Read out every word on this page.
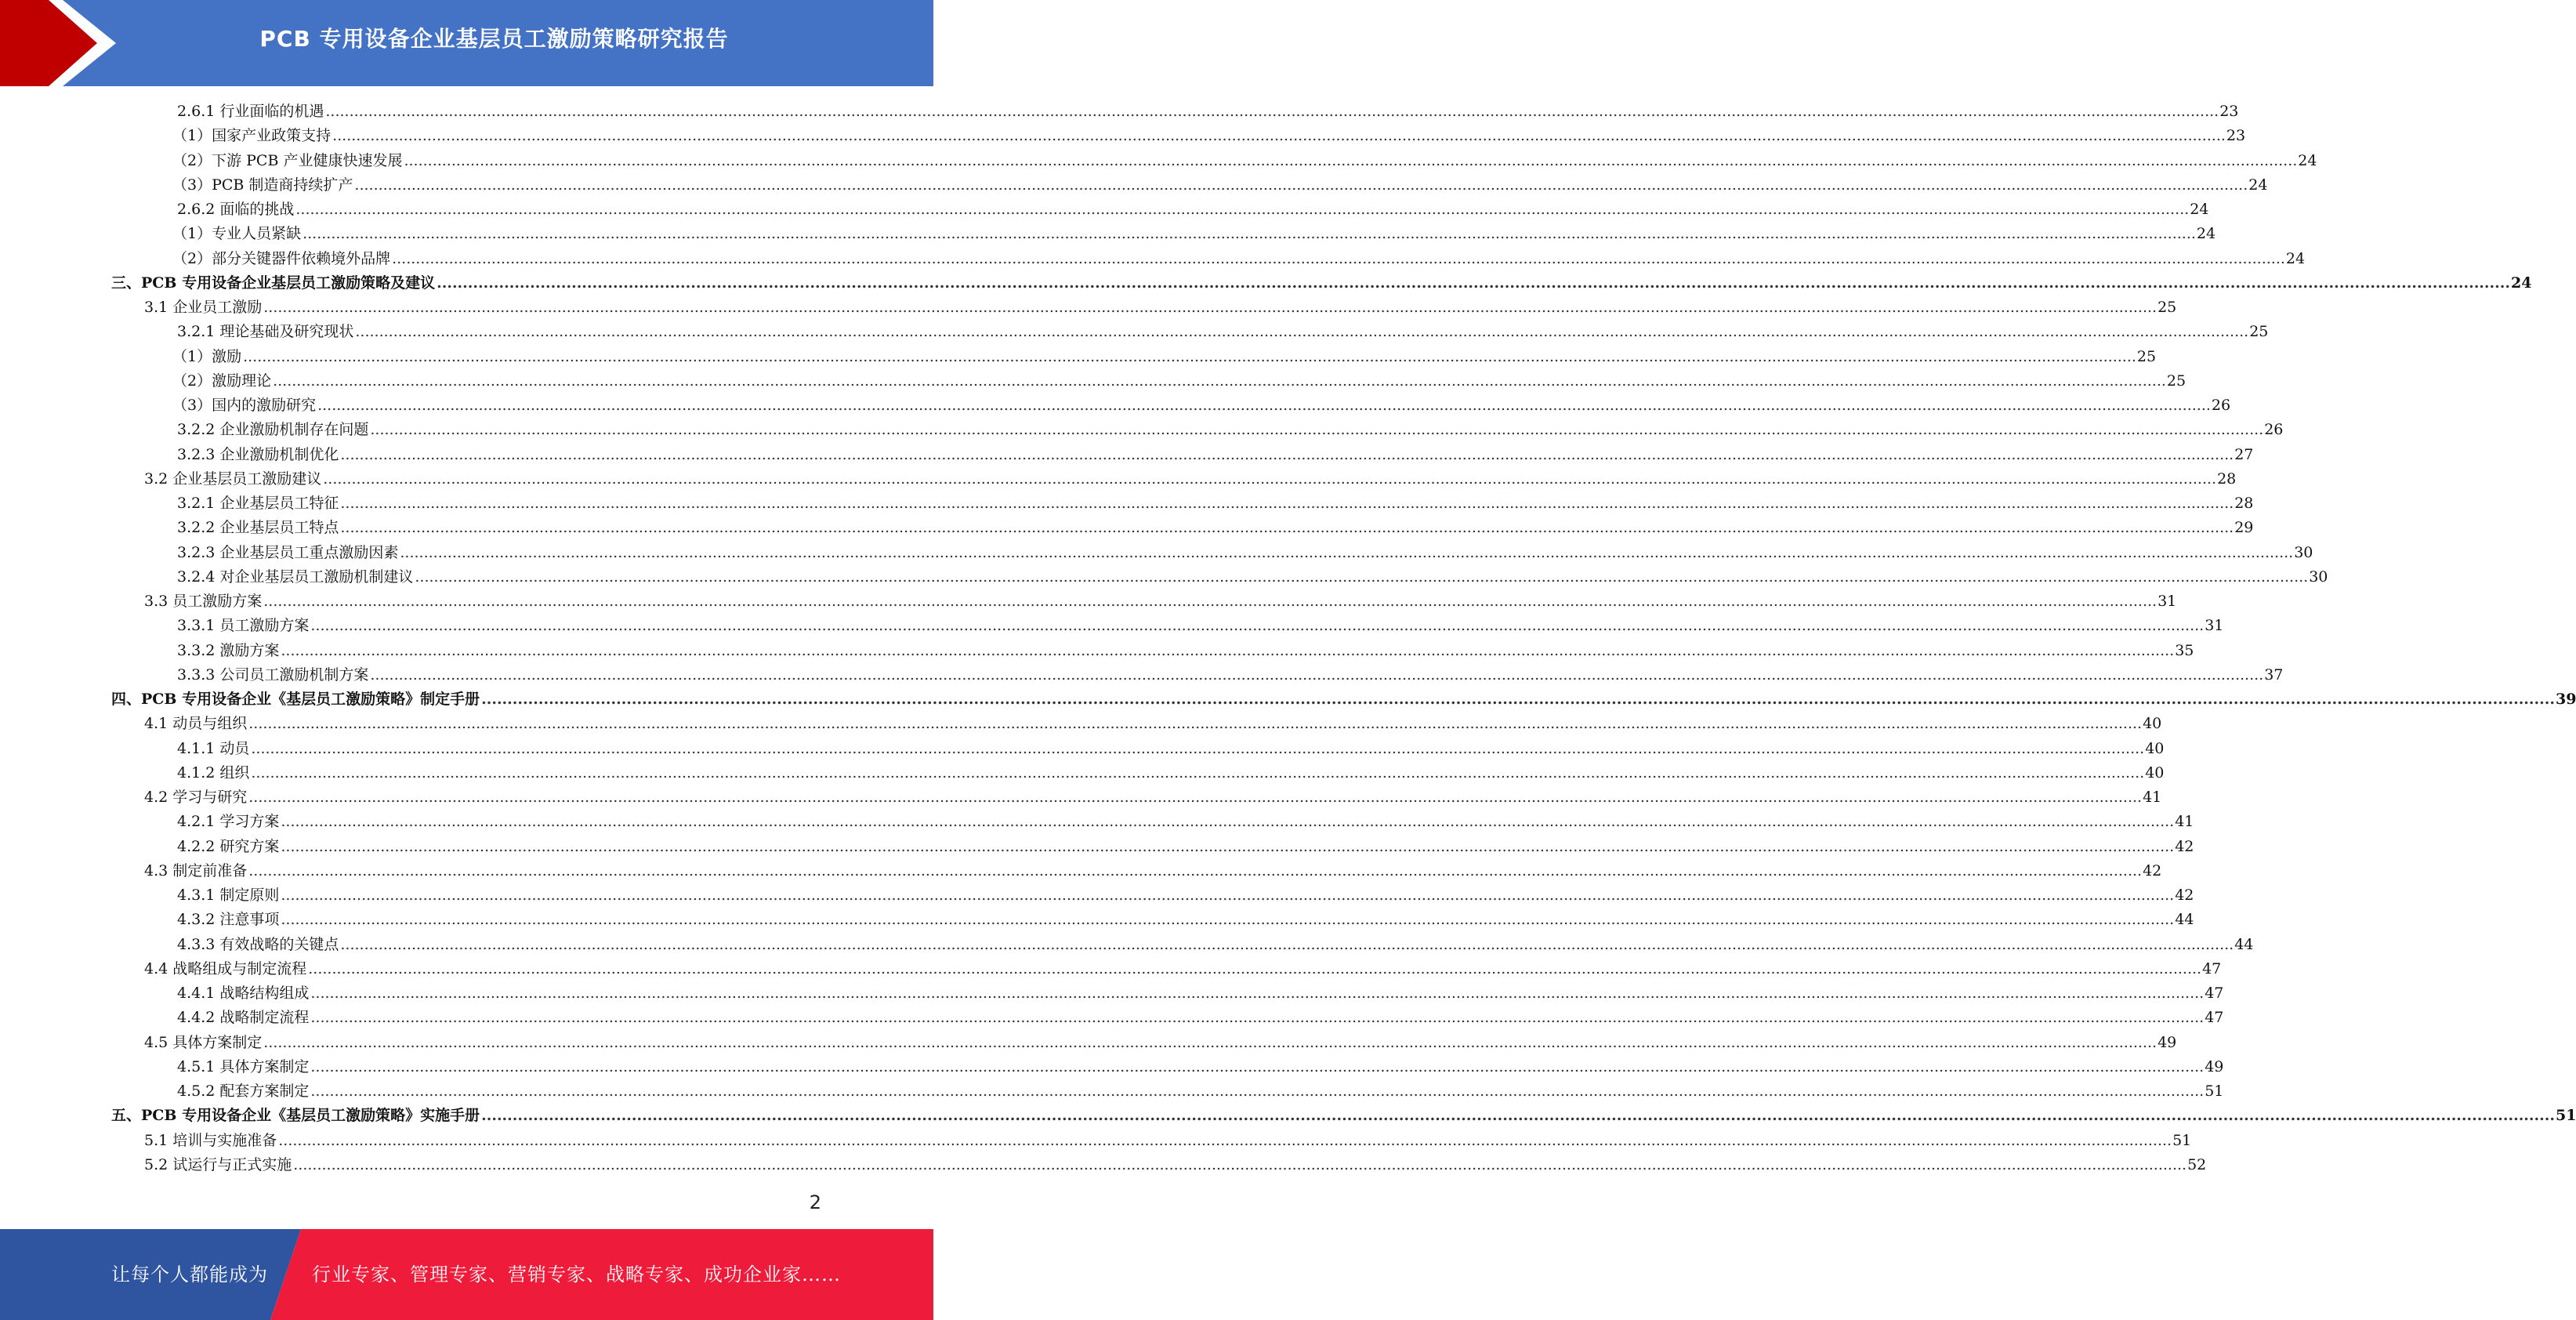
PCB 专用设备企业基层员工激励策略研究报告
2.6.1 行业面临的机遇 ................................................................................................................................................................................................................................................................................................................................................................................................................ 23
（1）国家产业政策支持 ................................................................................................................................................................................................................................................................................................................................................................................................................ 23
（2）下游 PCB 产业健康快速发展 ................................................................................................................................................................................................................................................................................................................................................................................................................ 24
（3）PCB 制造商持续扩产 ................................................................................................................................................................................................................................................................................................................................................................................................................ 24
2.6.2 面临的挑战 ................................................................................................................................................................................................................................................................................................................................................................................................................ 24
（1）专业人员紧缺 ................................................................................................................................................................................................................................................................................................................................................................................................................ 24
（2）部分关键器件依赖境外品牌 ................................................................................................................................................................................................................................................................................................................................................................................................................ 24
三、PCB 专用设备企业基层员工激励策略及建议 ................................................................................................................................................................................................................................................................................................................................................................................................................ 24
3.1 企业员工激励 ................................................................................................................................................................................................................................................................................................................................................................................................................ 25
3.2.1 理论基础及研究现状 ................................................................................................................................................................................................................................................................................................................................................................................................................ 25
（1）激励 ................................................................................................................................................................................................................................................................................................................................................................................................................ 25
（2）激励理论 ................................................................................................................................................................................................................................................................................................................................................................................................................ 25
（3）国内的激励研究 ................................................................................................................................................................................................................................................................................................................................................................................................................ 26
3.2.2 企业激励机制存在问题 ................................................................................................................................................................................................................................................................................................................................................................................................................ 26
3.2.3 企业激励机制优化 ................................................................................................................................................................................................................................................................................................................................................................................................................ 27
3.2 企业基层员工激励建议 ................................................................................................................................................................................................................................................................................................................................................................................................................ 28
3.2.1 企业基层员工特征 ................................................................................................................................................................................................................................................................................................................................................................................................................ 28
3.2.2 企业基层员工特点 ................................................................................................................................................................................................................................................................................................................................................................................................................ 29
3.2.3 企业基层员工重点激励因素 ................................................................................................................................................................................................................................................................................................................................................................................................................ 30
3.2.4 对企业基层员工激励机制建议 ................................................................................................................................................................................................................................................................................................................................................................................................................ 30
3.3 员工激励方案 ................................................................................................................................................................................................................................................................................................................................................................................................................ 31
3.3.1 员工激励方案 ................................................................................................................................................................................................................................................................................................................................................................................................................ 31
3.3.2 激励方案 ................................................................................................................................................................................................................................................................................................................................................................................................................ 35
3.3.3 公司员工激励机制方案 ................................................................................................................................................................................................................................................................................................................................................................................................................ 37
四、PCB 专用设备企业《基层员工激励策略》制定手册 ................................................................................................................................................................................................................................................................................................................................................................................................................ 39
4.1 动员与组织 ................................................................................................................................................................................................................................................................................................................................................................................................................ 40
4.1.1 动员 ................................................................................................................................................................................................................................................................................................................................................................................................................ 40
4.1.2 组织 ................................................................................................................................................................................................................................................................................................................................................................................................................ 40
4.2 学习与研究 ................................................................................................................................................................................................................................................................................................................................................................................................................ 41
4.2.1 学习方案 ................................................................................................................................................................................................................................................................................................................................................................................................................ 41
4.2.2 研究方案 ................................................................................................................................................................................................................................................................................................................................................................................................................ 42
4.3 制定前准备 ................................................................................................................................................................................................................................................................................................................................................................................................................ 42
4.3.1 制定原则 ................................................................................................................................................................................................................................................................................................................................................................................................................ 42
4.3.2 注意事项 ................................................................................................................................................................................................................................................................................................................................................................................................................ 44
4.3.3 有效战略的关键点 ................................................................................................................................................................................................................................................................................................................................................................................................................ 44
4.4 战略组成与制定流程 ................................................................................................................................................................................................................................................................................................................................................................................................................ 47
4.4.1 战略结构组成 ................................................................................................................................................................................................................................................................................................................................................................................................................ 47
4.4.2 战略制定流程 ................................................................................................................................................................................................................................................................................................................................................................................................................ 47
4.5 具体方案制定 ................................................................................................................................................................................................................................................................................................................................................................................................................ 49
4.5.1 具体方案制定 ................................................................................................................................................................................................................................................................................................................................................................................................................ 49
4.5.2 配套方案制定 ................................................................................................................................................................................................................................................................................................................................................................................................................ 51
五、PCB 专用设备企业《基层员工激励策略》实施手册 ................................................................................................................................................................................................................................................................................................................................................................................................................ 51
5.1 培训与实施准备 ................................................................................................................................................................................................................................................................................................................................................................................................................ 51
5.2 试运行与正式实施 ................................................................................................................................................................................................................................................................................................................................................................................................................ 52
2
让每个人都能成为 行业专家、管理专家、营销专家、战略专家、成功企业家……
